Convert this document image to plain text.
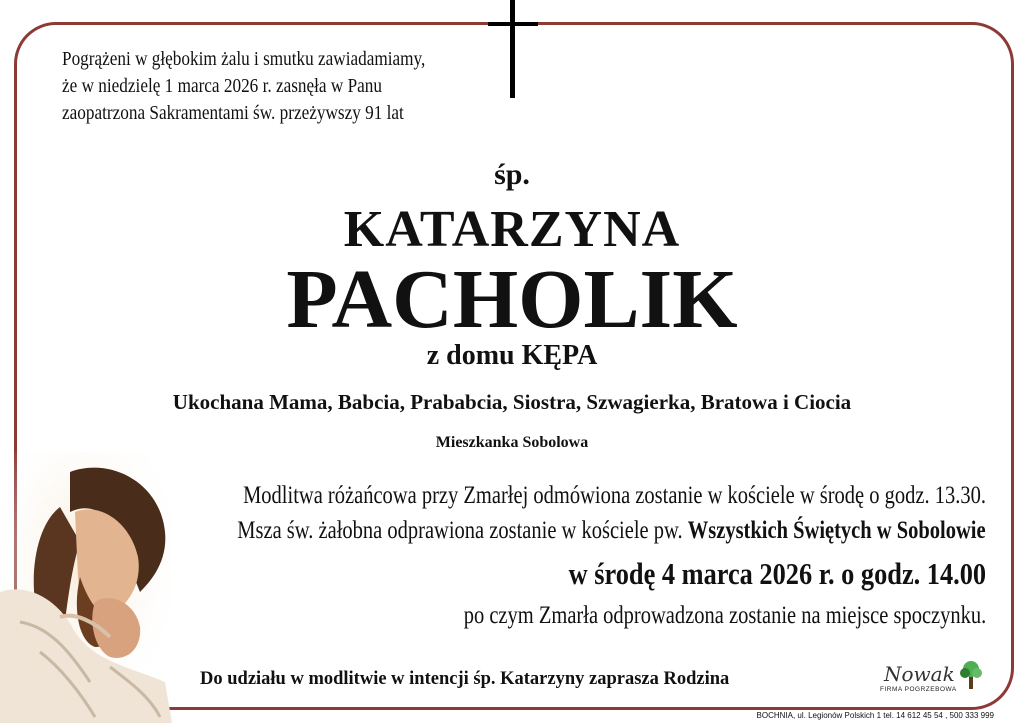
Pogrążeni w głębokim żalu i smutku zawiadamiamy,
że w niedzielę 1 marca 2026 r. zasnęła w Panu
zaopatrzona Sakramentami św. przeżywszy 91 lat
śp.
KATARZYNA
PACHOLIK
z domu KĘPA
Ukochana Mama, Babcia, Prababcia, Siostra, Szwagierka, Bratowa i Ciocia
Mieszkanka Sobolowa
Modlitwa różańcowa przy Zmarłej odmówiona zostanie w kościele w środę o godz. 13.30.
Msza św. żałobna odprawiona zostanie w kościele pw. Wszystkich Świętych w Sobolowie
w środę 4 marca 2026 r. o godz. 14.00
po czym Zmarła odprowadzona zostanie na miejsce spoczynku.
Do udziału w modlitwie w intencji śp. Katarzyny zaprasza Rodzina	Nowak
FIRMA POGRZEBOWA
BOCHNIA, ul. Legionów Polskich 1 tel. 14 612 45 54 , 500 333 999
